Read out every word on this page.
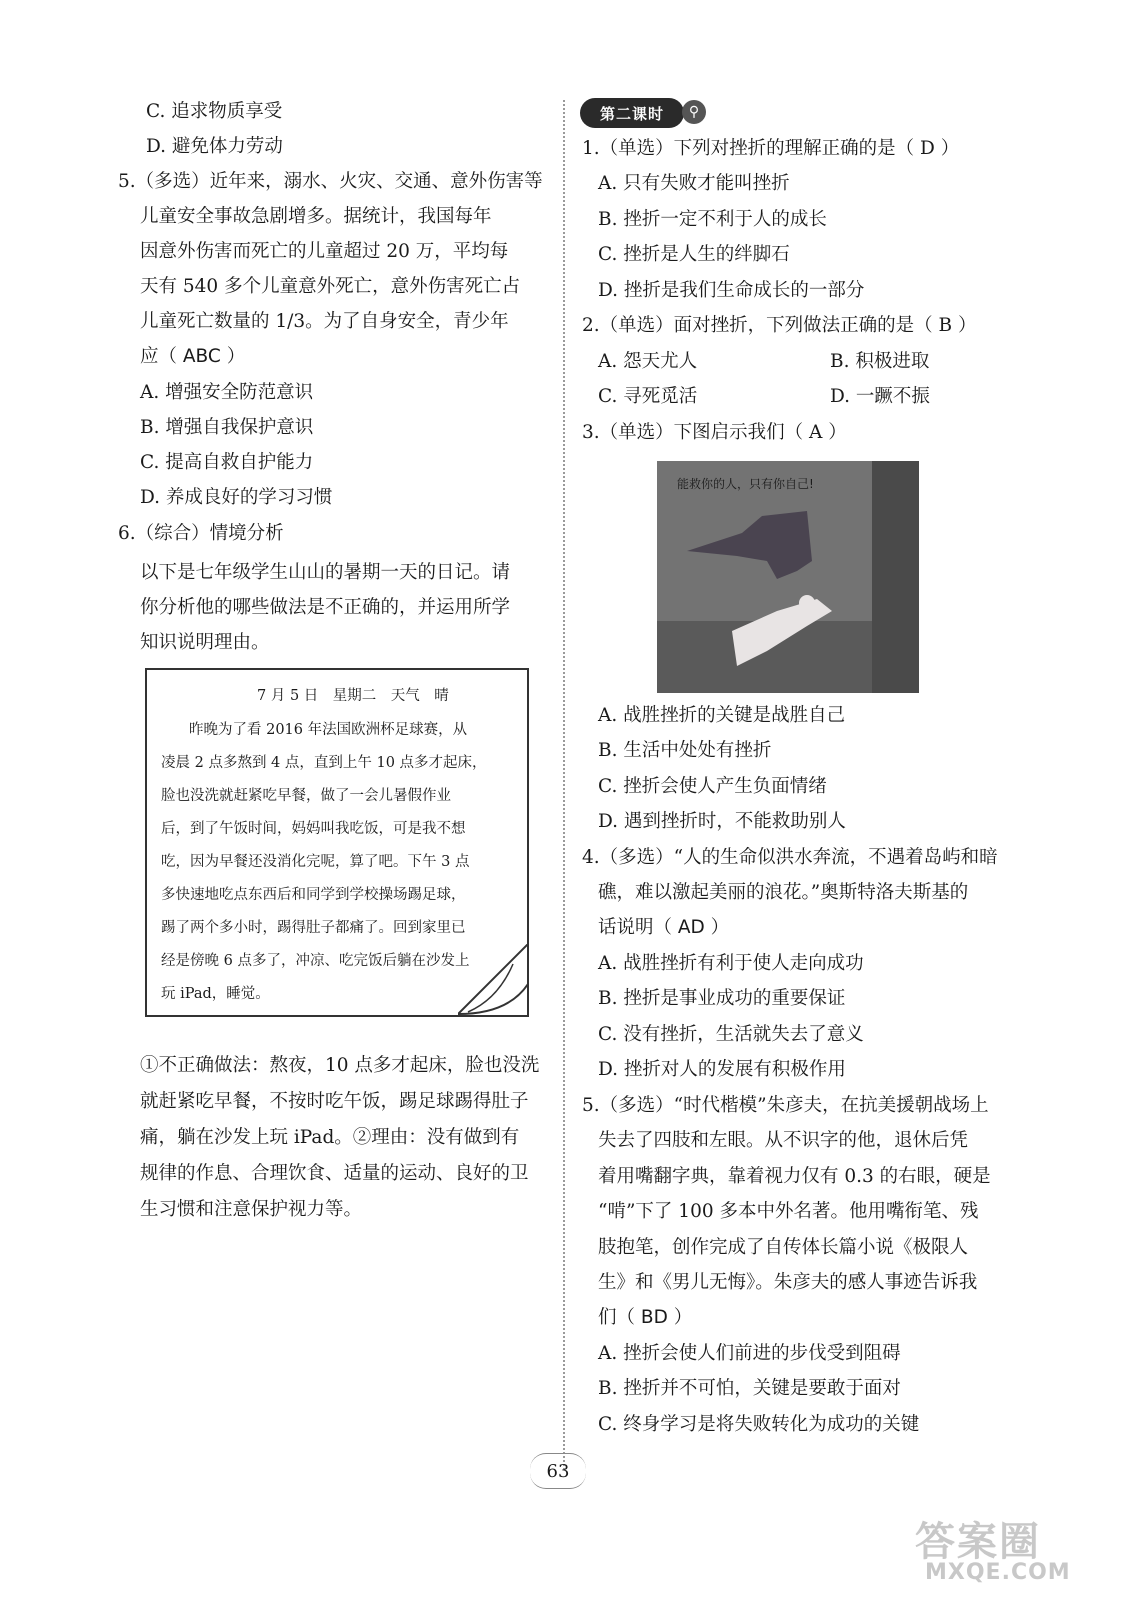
C. 追求物质享受
D. 避免体力劳动
5.（多选）近年来，溺水、火灾、交通、意外伤害等
儿童安全事故急剧增多。据统计，我国每年
因意外伤害而死亡的儿童超过 20 万，平均每
天有 540 多个儿童意外死亡，意外伤害死亡占
儿童死亡数量的 1/3。为了自身安全，青少年
应（ ABC ）
A. 增强安全防范意识
B. 增强自我保护意识
C. 提高自救自护能力
D. 养成良好的学习习惯
6.（综合）情境分析
以下是七年级学生山山的暑期一天的日记。请
你分析他的哪些做法是不正确的，并运用所学
知识说明理由。
7 月 5 日　星期二　天气　晴
昨晚为了看 2016 年法国欧洲杯足球赛，从
凌晨 2 点多熬到 4 点，直到上午 10 点多才起床，
脸也没洗就赶紧吃早餐，做了一会儿暑假作业
后，到了午饭时间，妈妈叫我吃饭，可是我不想
吃，因为早餐还没消化完呢，算了吧。下午 3 点
多快速地吃点东西后和同学到学校操场踢足球，
踢了两个多小时，踢得肚子都痛了。回到家里已
经是傍晚 6 点多了，冲凉、吃完饭后躺在沙发上
玩 iPad，睡觉。
①不正确做法：熬夜，10 点多才起床，脸也没洗
就赶紧吃早餐，不按时吃午饭，踢足球踢得肚子
痛，躺在沙发上玩 iPad。②理由：没有做到有
规律的作息、合理饮食、适量的运动、良好的卫
生习惯和注意保护视力等。
第二课时	⚲
1.（单选）下列对挫折的理解正确的是（ D ）
A. 只有失败才能叫挫折
B. 挫折一定不利于人的成长
C. 挫折是人生的绊脚石
D. 挫折是我们生命成长的一部分
2.（单选）面对挫折，下列做法正确的是（ B ）
A. 怨天尤人	B. 积极进取
C. 寻死觅活	D. 一蹶不振
3.（单选）下图启示我们（ A ）
能救你的人，只有你自己!
A. 战胜挫折的关键是战胜自己
B. 生活中处处有挫折
C. 挫折会使人产生负面情绪
D. 遇到挫折时，不能救助别人
4.（多选）“人的生命似洪水奔流，不遇着岛屿和暗
礁，难以激起美丽的浪花。”奥斯特洛夫斯基的
话说明（ AD ）
A. 战胜挫折有利于使人走向成功
B. 挫折是事业成功的重要保证
C. 没有挫折，生活就失去了意义
D. 挫折对人的发展有积极作用
5.（多选）“时代楷模”朱彦夫，在抗美援朝战场上
失去了四肢和左眼。从不识字的他，退休后凭
着用嘴翻字典，靠着视力仅有 0.3 的右眼，硬是
“啃”下了 100 多本中外名著。他用嘴衔笔、残
肢抱笔，创作完成了自传体长篇小说《极限人
生》和《男儿无悔》。朱彦夫的感人事迹告诉我
们（ BD ）
A. 挫折会使人们前进的步伐受到阻碍
B. 挫折并不可怕，关键是要敢于面对
C. 终身学习是将失败转化为成功的关键
63
答案圈
MXQE.COM
